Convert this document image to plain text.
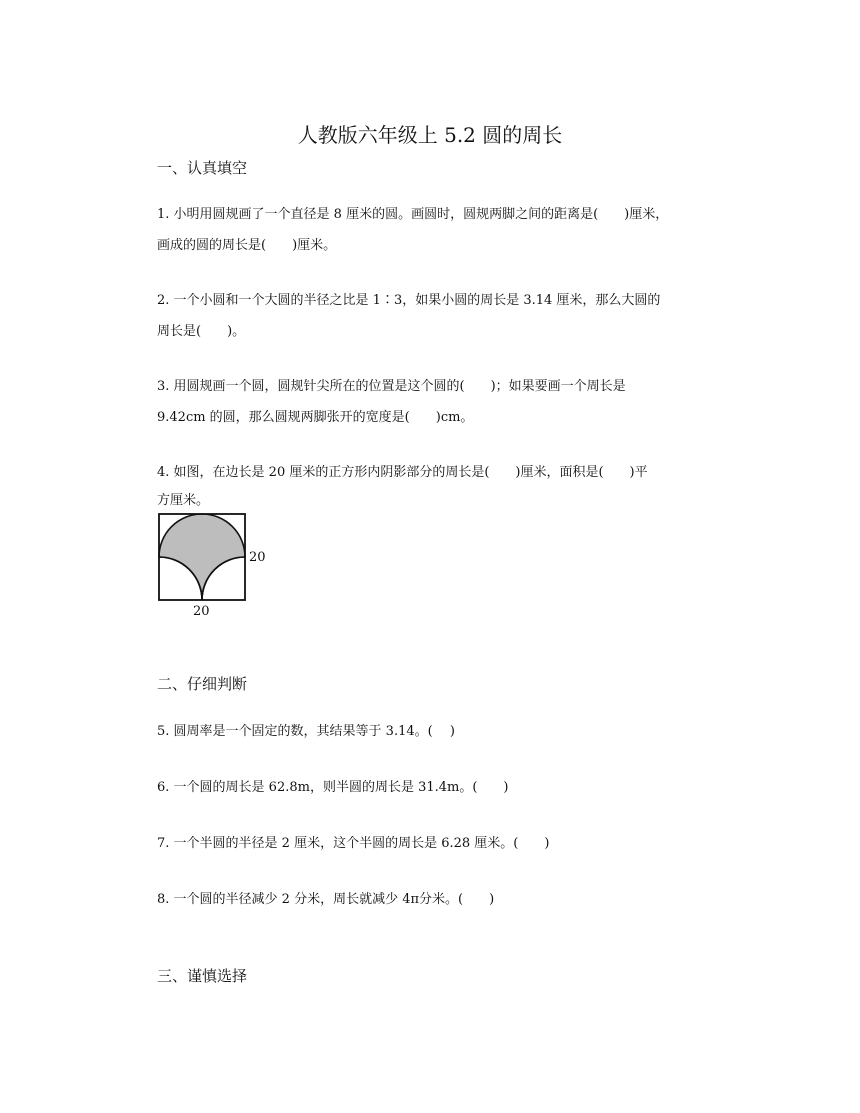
人教版六年级上 5.2 圆的周长
一、认真填空
1. 小明用圆规画了一个直径是 8 厘米的圆。画圆时，圆规两脚之间的距离是(　　)厘米，
画成的圆的周长是(　　)厘米。
2. 一个小圆和一个大圆的半径之比是 1∶3，如果小圆的周长是 3.14 厘米，那么大圆的
周长是(　　)。
3. 用圆规画一个圆，圆规针尖所在的位置是这个圆的(　　)；如果要画一个周长是
9.42cm 的圆，那么圆规两脚张开的宽度是(　　)cm。
4. 如图，在边长是 20 厘米的正方形内阴影部分的周长是(　　)厘米，面积是(　　)平
方厘米。
20
20
二、仔细判断
5. 圆周率是一个固定的数，其结果等于 3.14。(　 )
6. 一个圆的周长是 62.8m，则半圆的周长是 31.4m。(　　)
7. 一个半圆的半径是 2 厘米，这个半圆的周长是 6.28 厘米。(　　)
8. 一个圆的半径减少 2 分米，周长就减少 4π分米。(　　)
三、谨慎选择
